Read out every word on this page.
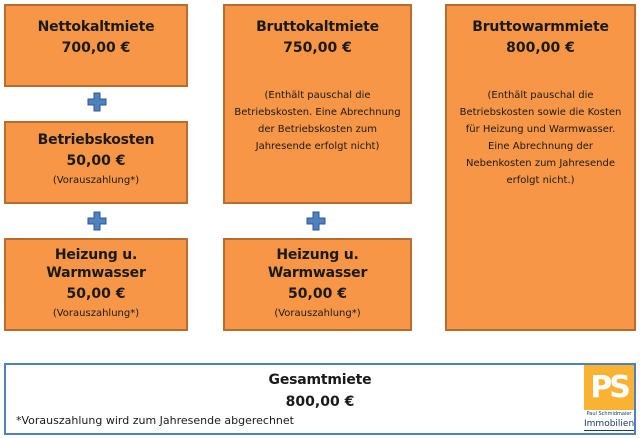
Nettokaltmiete
700,00 €
Betriebskosten
50,00 €
(Vorauszahlung*)
Heizung u. Warmwasser
50,00 €
(Vorauszahlung*)
Bruttokaltmiete
750,00 €
(Enthält pauschal die Betriebskosten. Eine Abrechnung der Betriebskosten zum Jahresende erfolgt nicht)
Heizung u. Warmwasser
50,00 €
(Vorauszahlung*)
Bruttowarmmiete
800,00 €
(Enthält pauschal die Betriebskosten sowie die Kosten für Heizung und Warmwasser. Eine Abrechnung der Nebenkosten zum Jahresende erfolgt nicht.)
Gesamtmiete
800,00 €
*Vorauszahlung wird zum Jahresende abgerechnet
PS
Paul Schmidmaier
Immobilien
